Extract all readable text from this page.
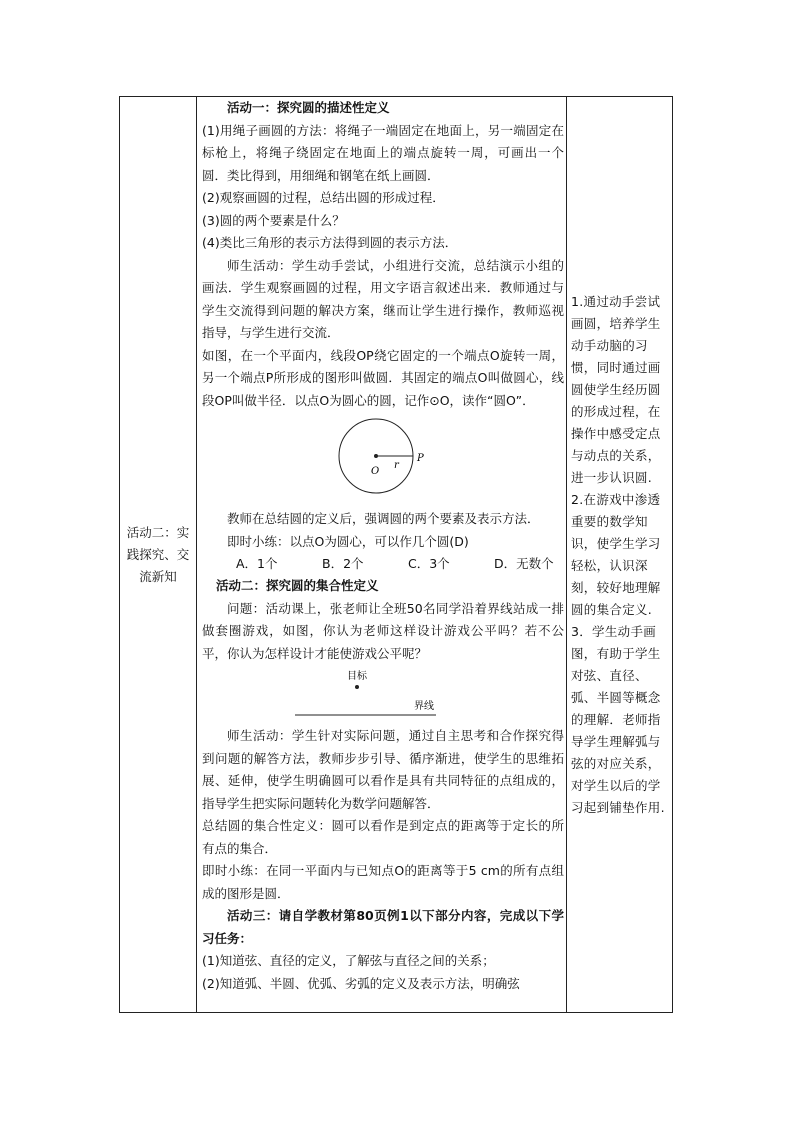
活动二：实践探究、交流新知

活动一：探究圆的描述性定义

(1)用绳子画圆的方法：将绳子一端固定在地面上，另一端固定在标枪上，将绳子绕固定在地面上的端点旋转一周，可画出一个圆．类比得到，用细绳和钢笔在纸上画圆．

(2)观察画圆的过程，总结出圆的形成过程．

(3)圆的两个要素是什么？

(4)类比三角形的表示方法得到圆的表示方法．

师生活动：学生动手尝试，小组进行交流，总结演示小组的画法．学生观察画圆的过程，用文字语言叙述出来．教师通过与学生交流得到问题的解决方案，继而让学生进行操作，教师巡视指导，与学生进行交流．

如图，在一个平面内，线段OP绕它固定的一个端点O旋转一周，另一个端点P所形成的图形叫做圆．其固定的端点O叫做圆心，线段OP叫做半径．以点O为圆心的圆，记作⊙O，读作“圆O”．

O
r
P

教师在总结圆的定义后，强调圆的两个要素及表示方法．

即时小练：以点O为圆心，可以作几个圆(D)

A．1个	B．2个	C．3个	D．无数个

活动二：探究圆的集合性定义

问题：活动课上，张老师让全班50名同学沿着界线站成一排做套圈游戏，如图，你认为老师这样设计游戏公平吗？若不公平，你认为怎样设计才能使游戏公平呢？

目标
界线

师生活动：学生针对实际问题，通过自主思考和合作探究得到问题的解答方法，教师步步引导、循序渐进，使学生的思维拓展、延伸，使学生明确圆可以看作是具有共同特征的点组成的，指导学生把实际问题转化为数学问题解答．

总结圆的集合性定义：圆可以看作是到定点的距离等于定长的所有点的集合．

即时小练：在同一平面内与已知点O的距离等于5 cm的所有点组成的图形是圆．

活动三：请自学教材第80页例1以下部分内容，完成以下学习任务：

(1)知道弦、直径的定义，了解弦与直径之间的关系；

(2)知道弧、半圆、优弧、劣弧的定义及表示方法，明确弦

1.通过动手尝试画圆，培养学生动手动脑的习惯，同时通过画圆使学生经历圆的形成过程，在操作中感受定点与动点的关系，进一步认识圆.
2.在游戏中渗透重要的数学知识，使学生学习轻松，认识深刻，较好地理解圆的集合定义.
3．学生动手画图，有助于学生对弦、直径、弧、半圆等概念的理解．老师指导学生理解弧与弦的对应关系，对学生以后的学习起到铺垫作用.
